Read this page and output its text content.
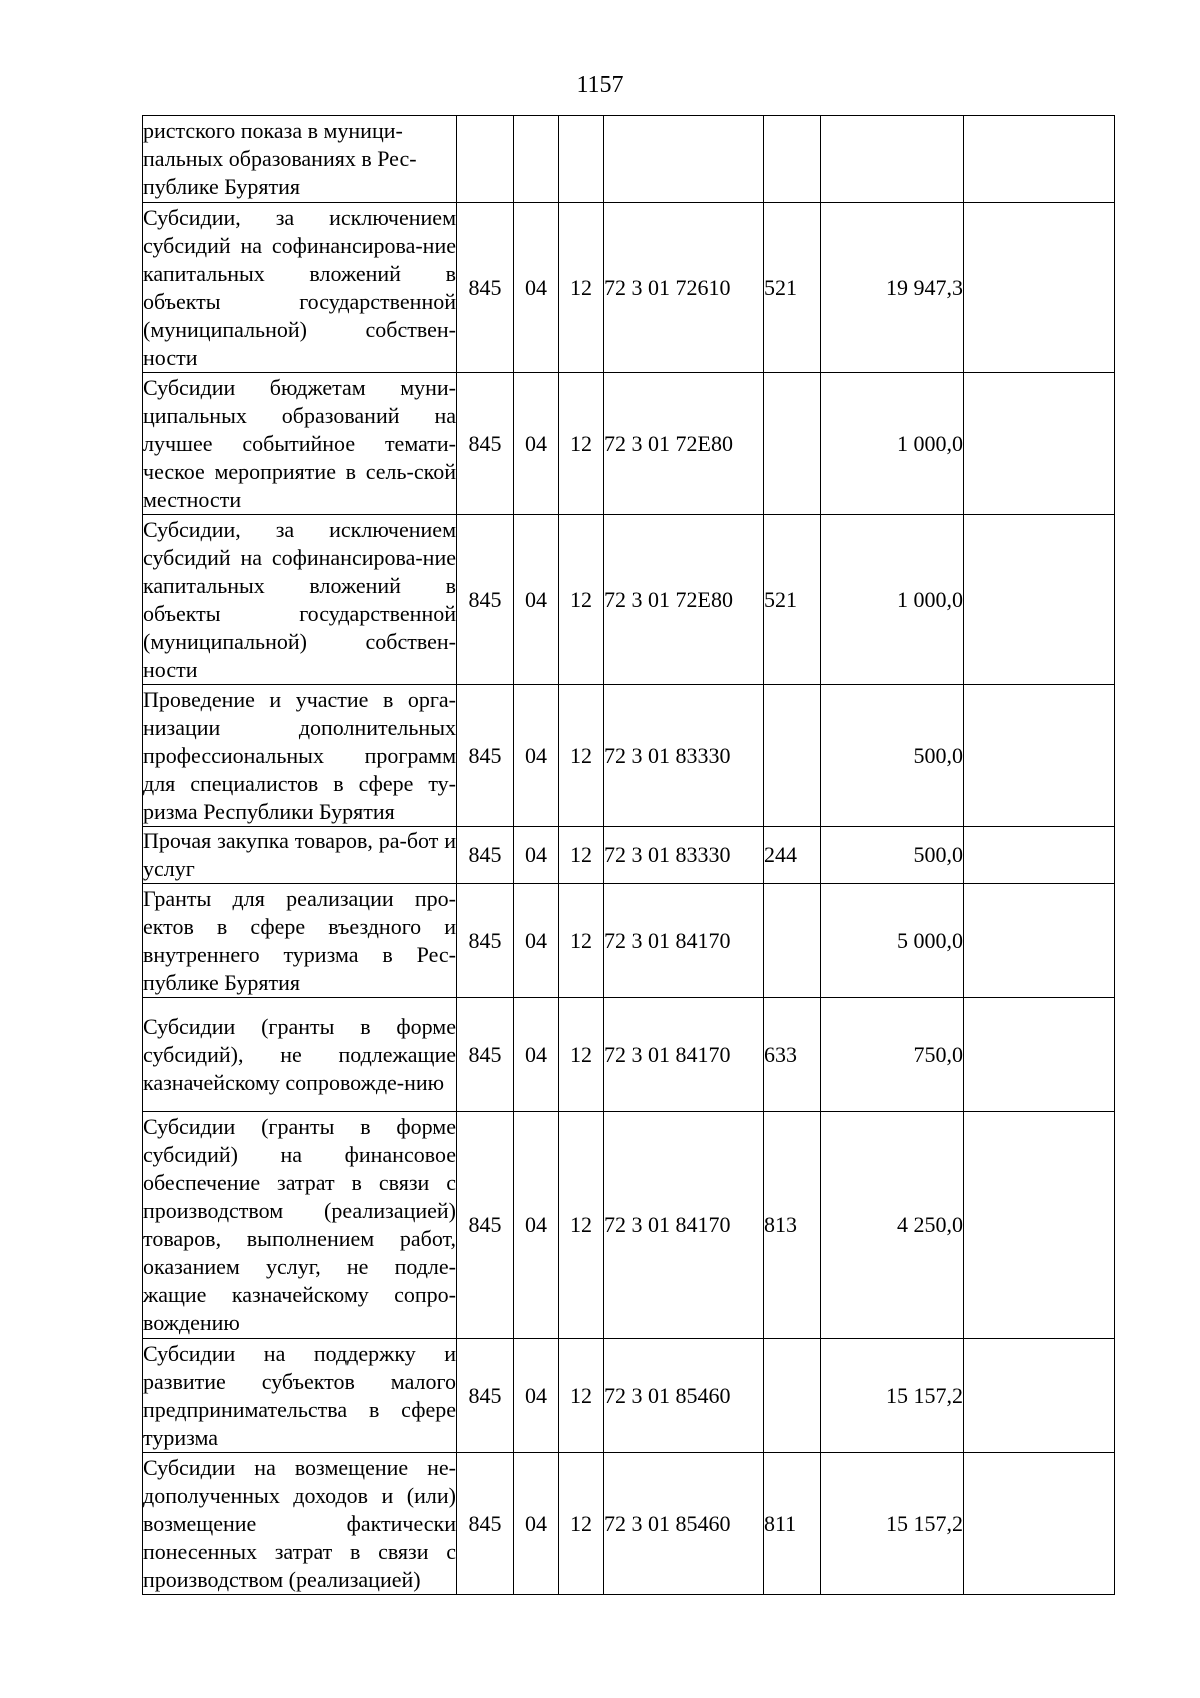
1157
ристского показа в муници-
пальных образованиях в Рес-
публике Бурятия							

Субсидии, за исключением субсидий на софинансирова-ние капитальных вложений в объекты государственной (муниципальной) собствен-ности	845	04	12	72 3 01 72610	521	19 947,3	

Субсидии бюджетам муни-ципальных образований на лучшее событийное темати-ческое мероприятие в сель-ской местности	845	04	12	72 3 01 72Е80		1 000,0	

Субсидии, за исключением субсидий на софинансирова-ние капитальных вложений в объекты государственной (муниципальной) собствен-ности	845	04	12	72 3 01 72Е80	521	1 000,0	

Проведение и участие в орга-низации дополнительных профессиональных программ для специалистов в сфере ту-ризма Республики Бурятия	845	04	12	72 3 01 83330		500,0	

Прочая закупка товаров, ра-бот и услуг	845	04	12	72 3 01 83330	244	500,0	

Гранты для реализации про-ектов в сфере въездного и внутреннего туризма в Рес-публике Бурятия	845	04	12	72 3 01 84170		5 000,0	

Субсидии (гранты в форме субсидий), не подлежащие казначейскому сопровожде-нию	845	04	12	72 3 01 84170	633	750,0	

Субсидии (гранты в форме субсидий) на финансовое обеспечение затрат в связи с производством (реализацией) товаров, выполнением работ, оказанием услуг, не подле-жащие казначейскому сопро-вождению	845	04	12	72 3 01 84170	813	4 250,0	

Субсидии на поддержку и развитие субъектов малого предпринимательства в сфере туризма	845	04	12	72 3 01 85460		15 157,2	

Субсидии на возмещение не-дополученных доходов и (или) возмещение фактически понесенных затрат в связи с производством (реализацией)	845	04	12	72 3 01 85460	811	15 157,2	
